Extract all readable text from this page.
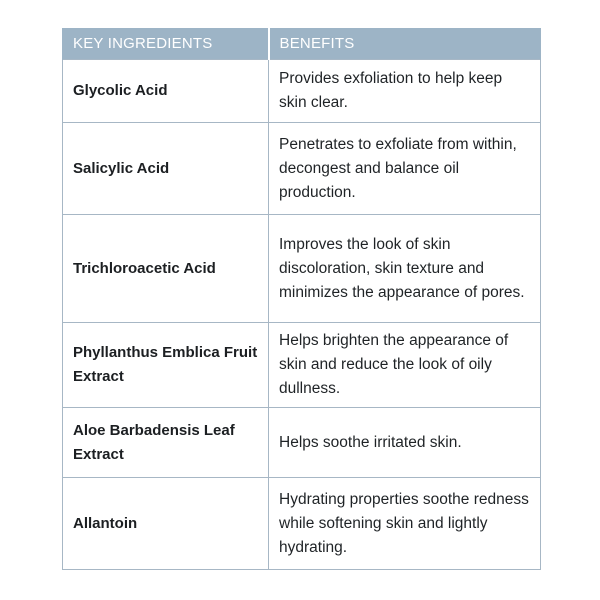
KEY INGREDIENTS	BENEFITS
Glycolic Acid	Provides exfoliation to help keep skin clear.
Salicylic Acid	Penetrates to exfoliate from within, decongest and balance oil production.
Trichloroacetic Acid	Improves the look of skin discoloration, skin texture and minimizes the appearance of pores.
Phyllanthus Emblica Fruit Extract	Helps brighten the appearance of skin and reduce the look of oily dullness.
Aloe Barbadensis Leaf Extract	Helps soothe irritated skin.
Allantoin	Hydrating properties soothe redness while softening skin and lightly hydrating.
